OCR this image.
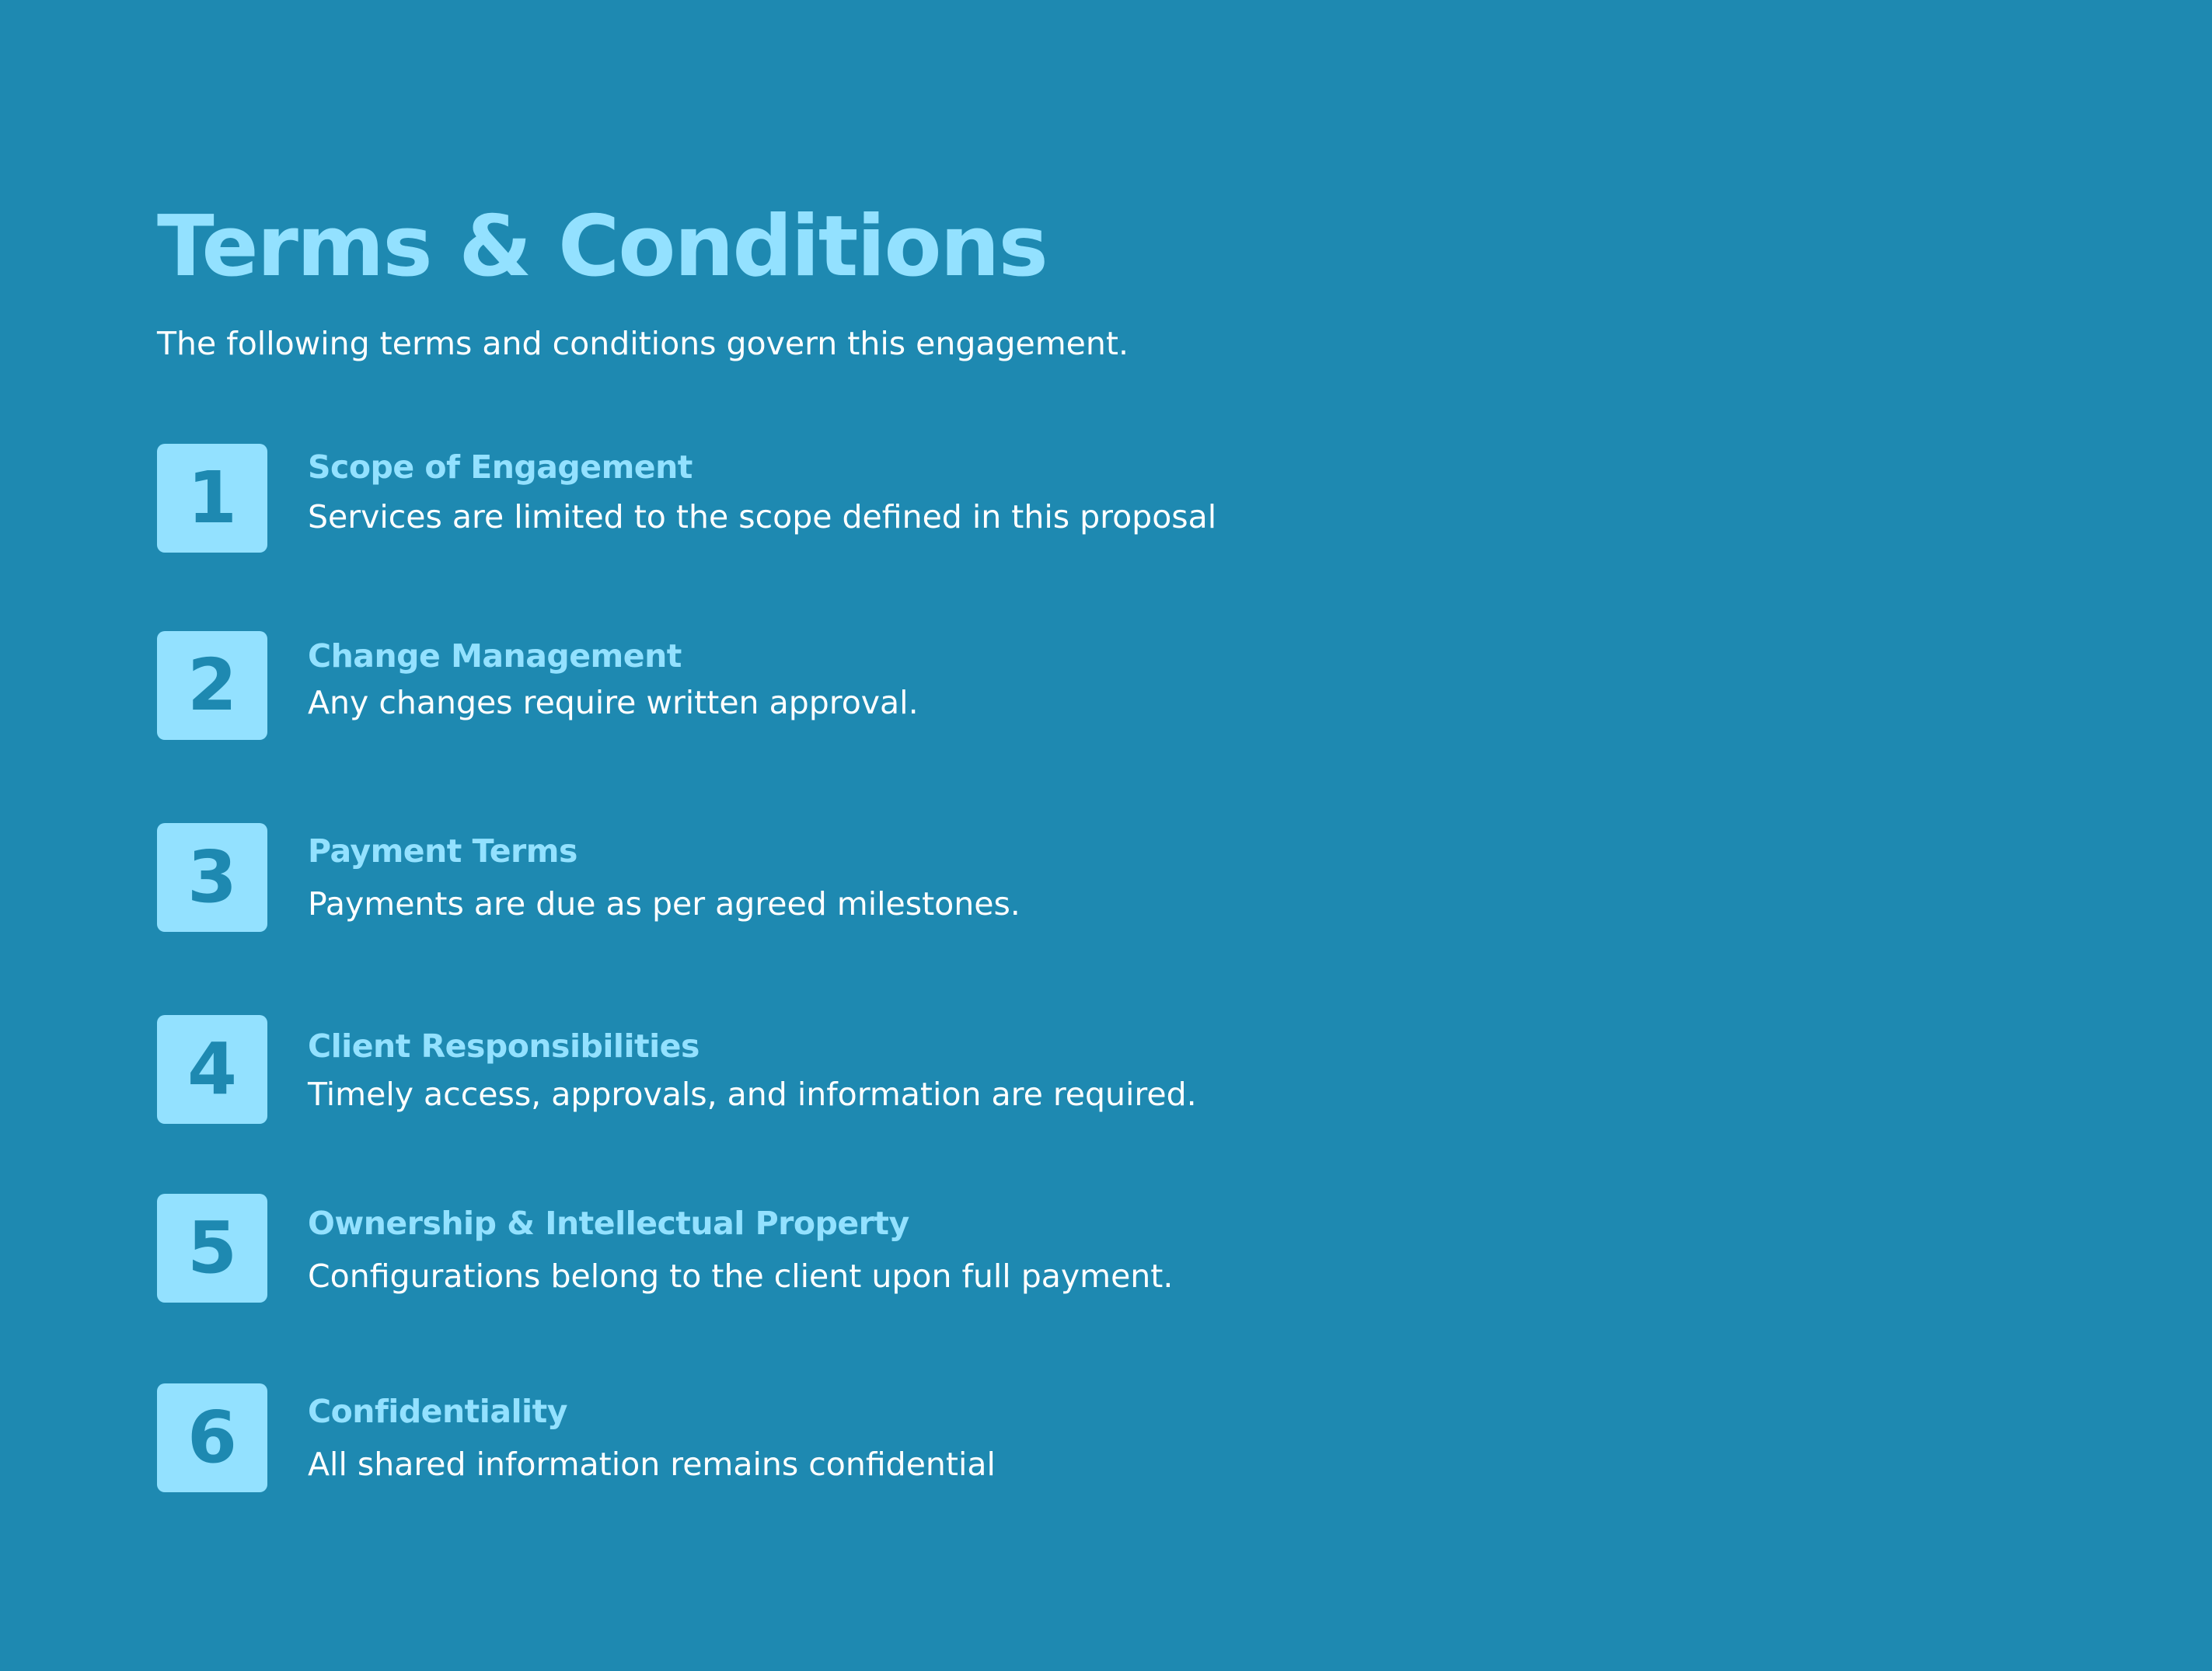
Terms & Conditions

The following terms and conditions govern this engagement.

1 Scope of Engagement

Services are limited to the scope defined in this proposal

2 Change Management

Any changes require written approval.

3 Payment Terms

Payments are due as per agreed milestones.

4 Client Responsibilities

Timely access, approvals, and information are required.

5 Ownership & Intellectual Property

Configurations belong to the client upon full payment.

6 Confidentiality

All shared information remains confidential
